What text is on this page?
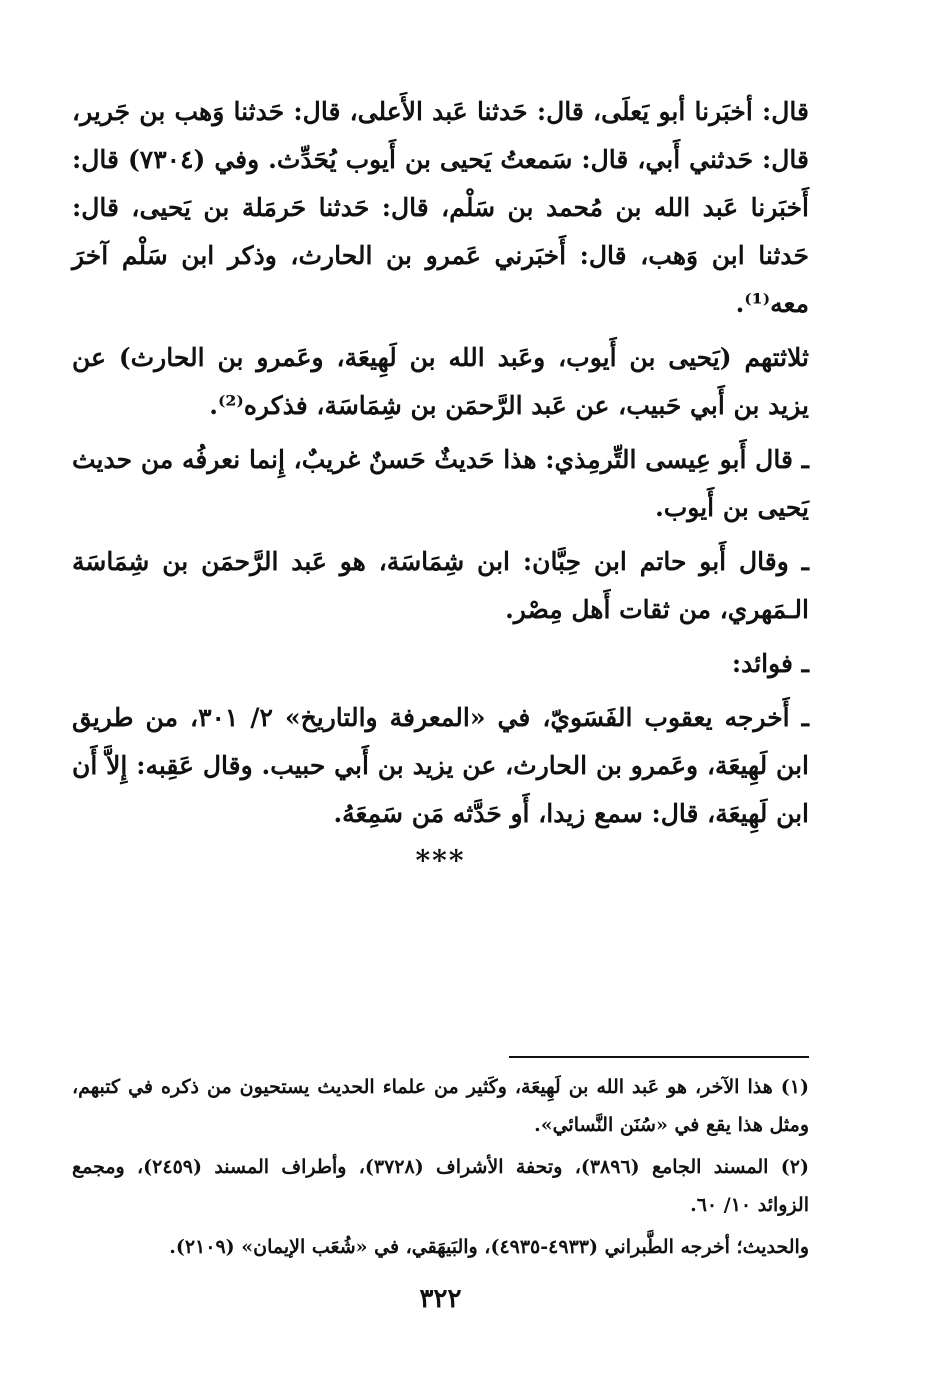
قال: أخبَرنا أبو يَعلَى، قال: حَدثنا عَبد الأَعلى، قال: حَدثنا وَهب بن جَرير، قال: حَدثني أَبي، قال: سَمعتُ يَحيى بن أَيوب يُحَدِّث. وفي (٧٣٠٤) قال: أَخبَرنا عَبد الله بن مُحمد بن سَلْم، قال: حَدثنا حَرمَلة بن يَحيى، قال: حَدثنا ابن وَهب، قال: أَخبَرني عَمرو بن الحارث، وذكر ابن سَلْم آخرَ معه⁽¹⁾.

ثلاثتهم (يَحيى بن أَيوب، وعَبد الله بن لَهِيعَة، وعَمرو بن الحارث) عن يزيد بن أَبي حَبيب، عن عَبد الرَّحمَن بن شِمَاسَة، فذكره⁽²⁾.

ـ قال أَبو عِيسى التِّرمِذي: هذا حَديثٌ حَسنٌ غريبٌ، إِنما نعرفُه من حديث يَحيى بن أَيوب.

ـ وقال أَبو حاتم ابن حِبَّان: ابن شِمَاسَة، هو عَبد الرَّحمَن بن شِمَاسَة الـمَهري، من ثقات أَهل مِصْر.

ـ فوائد:

ـ أَخرجه يعقوب الفَسَويّ، في «المعرفة والتاريخ» ٢/ ٣٠١، من طريق ابن لَهِيعَة، وعَمرو بن الحارث، عن يزيد بن أَبي حبيب. وقال عَقِبه: إِلاَّ أَن ابن لَهِيعَة، قال: سمع زيدا، أَو حَدَّثه مَن سَمِعَهُ.

***

(١) هذا الآخر، هو عَبد الله بن لَهِيعَة، وكَثير من علماء الحديث يستحيون من ذكره في كتبهم، ومثل هذا يقع في «سُنَن النَّسائي».

(٢) المسند الجامع (٣٨٩٦)، وتحفة الأشراف (٣٧٢٨)، وأطراف المسند (٢٤٥٩)، ومجمع الزوائد ١٠/ ٦٠.

والحديث؛ أخرجه الطَّبراني (٤٩٣٣-٤٩٣٥)، والبَيهَقي، في «شُعَب الإيمان» (٢١٠٩).

٣٢٢
